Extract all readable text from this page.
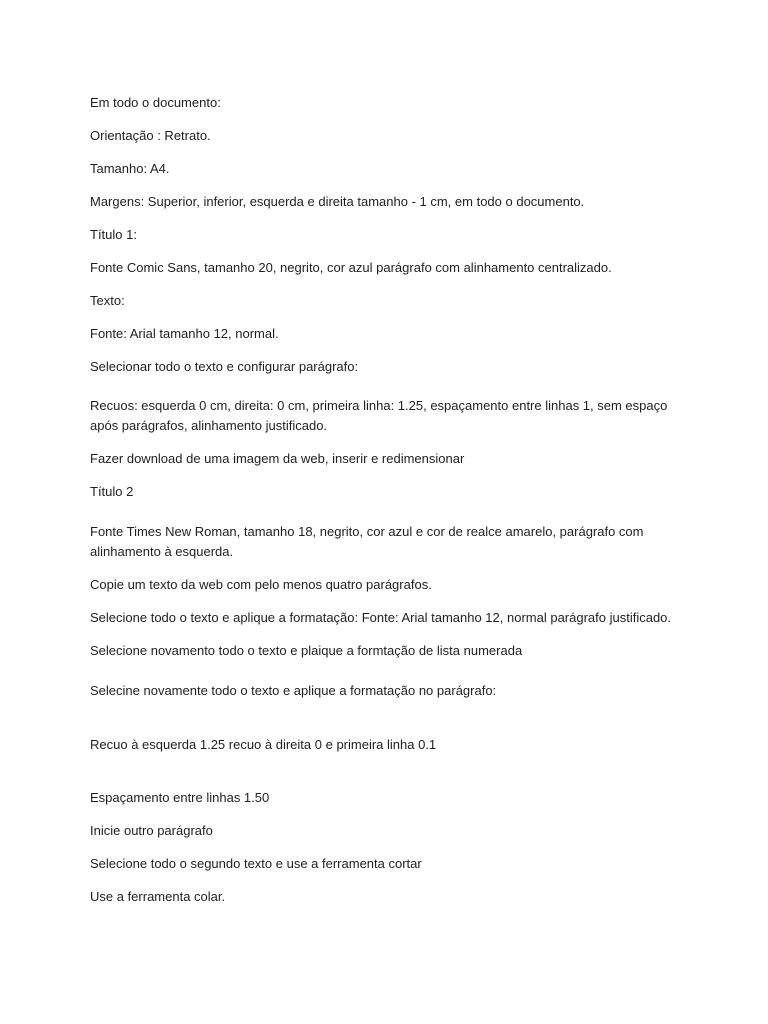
Em todo o documento:

Orientação : Retrato.

Tamanho: A4.

Margens: Superior, inferior, esquerda e direita tamanho - 1 cm, em todo o documento.

Título 1:

Fonte Comic Sans, tamanho 20, negrito, cor azul parágrafo com alinhamento centralizado.

Texto:

Fonte: Arial tamanho 12, normal.

Selecionar todo o texto e configurar parágrafo:

Recuos: esquerda 0 cm, direita: 0 cm, primeira linha: 1.25, espaçamento entre linhas 1, sem espaço após parágrafos, alinhamento justificado.

Fazer download de uma imagem da web, inserir e redimensionar

Título 2

Fonte Times New Roman, tamanho 18, negrito, cor azul e cor de realce amarelo, parágrafo com alinhamento à esquerda.

Copie um texto da web com pelo menos quatro parágrafos.

Selecione todo o texto e aplique a formatação: Fonte: Arial tamanho 12, normal parágrafo justificado.

Selecione novamento todo o texto e plaique a formtação de lista numerada

Selecine novamente todo o texto e aplique a formatação no parágrafo:

Recuo à esquerda 1.25 recuo à direita 0 e primeira linha 0.1

Espaçamento entre linhas 1.50

Inicie outro parágrafo

Selecione todo o segundo texto e use a ferramenta cortar

Use a ferramenta colar.
